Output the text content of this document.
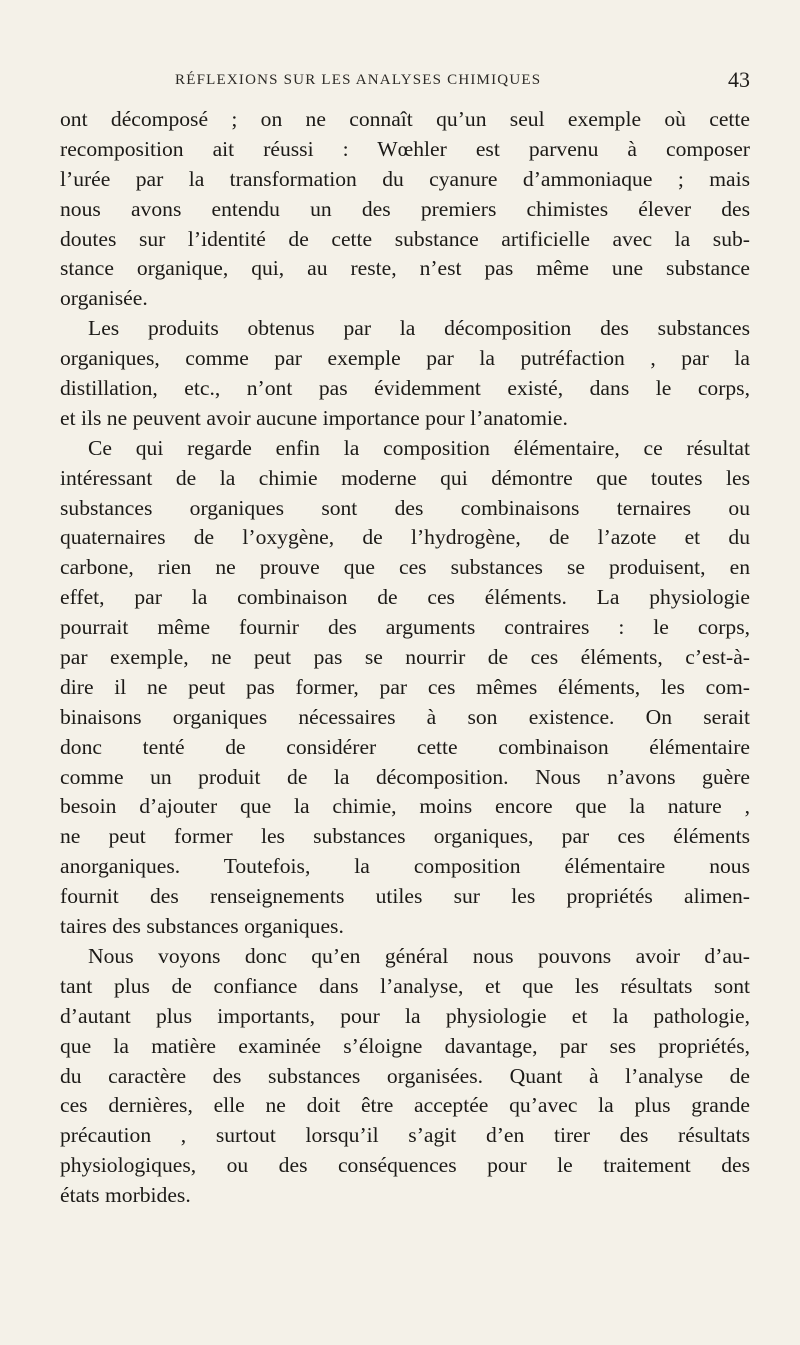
RÉFLEXIONS SUR LES ANALYSES CHIMIQUES	43
ont décomposé ; on ne connaît qu’un seul exemple où cette
recomposition ait réussi : Wœhler est parvenu à composer
l’urée par la transformation du cyanure d’ammoniaque ; mais
nous avons entendu un des premiers chimistes élever des
doutes sur l’identité de cette substance artificielle avec la sub-
stance organique, qui, au reste, n’est pas même une substance
organisée.
Les produits obtenus par la décomposition des substances
organiques, comme par exemple par la putréfaction , par la
distillation, etc., n’ont pas évidemment existé, dans le corps,
et ils ne peuvent avoir aucune importance pour l’anatomie.
Ce qui regarde enfin la composition élémentaire, ce résultat
intéressant de la chimie moderne qui démontre que toutes les
substances organiques sont des combinaisons ternaires ou
quaternaires de l’oxygène, de l’hydrogène, de l’azote et du
carbone, rien ne prouve que ces substances se produisent, en
effet, par la combinaison de ces éléments. La physiologie
pourrait même fournir des arguments contraires : le corps,
par exemple, ne peut pas se nourrir de ces éléments, c’est-à-
dire il ne peut pas former, par ces mêmes éléments, les com-
binaisons organiques nécessaires à son existence. On serait
donc tenté de considérer cette combinaison élémentaire
comme un produit de la décomposition. Nous n’avons guère
besoin d’ajouter que la chimie, moins encore que la nature ,
ne peut former les substances organiques, par ces éléments
anorganiques. Toutefois, la composition élémentaire nous
fournit des renseignements utiles sur les propriétés alimen-
taires des substances organiques.
Nous voyons donc qu’en général nous pouvons avoir d’au-
tant plus de confiance dans l’analyse, et que les résultats sont
d’autant plus importants, pour la physiologie et la pathologie,
que la matière examinée s’éloigne davantage, par ses propriétés,
du caractère des substances organisées. Quant à l’analyse de
ces dernières, elle ne doit être acceptée qu’avec la plus grande
précaution , surtout lorsqu’il s’agit d’en tirer des résultats
physiologiques, ou des conséquences pour le traitement des
états morbides.
